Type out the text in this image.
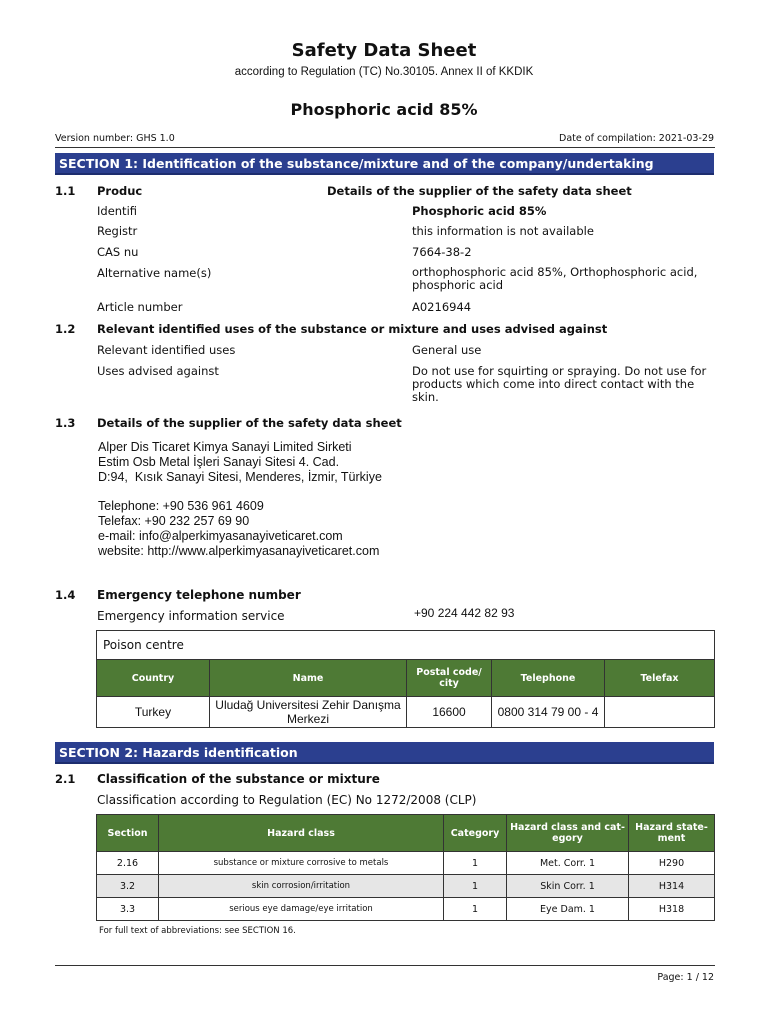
Safety Data Sheet
according to Regulation (TC) No.30105. Annex II of KKDIK
Phosphoric acid 85%
Version number: GHS 1.0	Date of compilation: 2021-03-29
SECTION 1: Identification of the substance/mixture and of the company/undertaking
1.1 Produc	Details of the supplier of the safety data sheet
Identifi	Phosphoric acid 85%
Registr	this information is not available
CAS nu	7664-38-2
Alternative name(s)	orthophosphoric acid 85%, Orthophosphoric acid, phosphoric acid
Article number	A0216944
1.2 Relevant identified uses of the substance or mixture and uses advised against
Relevant identified uses	General use
Uses advised against	Do not use for squirting or spraying. Do not use for products which come into direct contact with the skin.
1.3 Details of the supplier of the safety data sheet
Alper Dis Ticaret Kimya Sanayi Limited Sirketi
Estim Osb Metal İşleri Sanayi Sitesi 4. Cad.
D:94,  Kısık Sanayi Sitesi, Menderes, İzmir, Türkiye
Telephone: +90 536 961 4609
Telefax: +90 232 257 69 90
e-mail: info@alperkimyasanayiveticaret.com
website: http://www.alperkimyasanayiveticaret.com
1.4 Emergency telephone number
Emergency information service	+90 224 442 82 93
Poison centre
Country	Name	Postal code/ city	Telephone	Telefax
Turkey	Uludağ Universitesi Zehir Danışma Merkezi	16600	0800 314 79 00 - 4	
SECTION 2: Hazards identification
2.1 Classification of the substance or mixture
Classification according to Regulation (EC) No 1272/2008 (CLP)
Section	Hazard class	Category	Hazard class and cat- egory	Hazard state- ment
2.16	substance or mixture corrosive to metals	1	Met. Corr. 1	H290
3.2	skin corrosion/irritation	1	Skin Corr. 1	H314
3.3	serious eye damage/eye irritation	1	Eye Dam. 1	H318
For full text of abbreviations: see SECTION 16.
Page: 1 / 12
